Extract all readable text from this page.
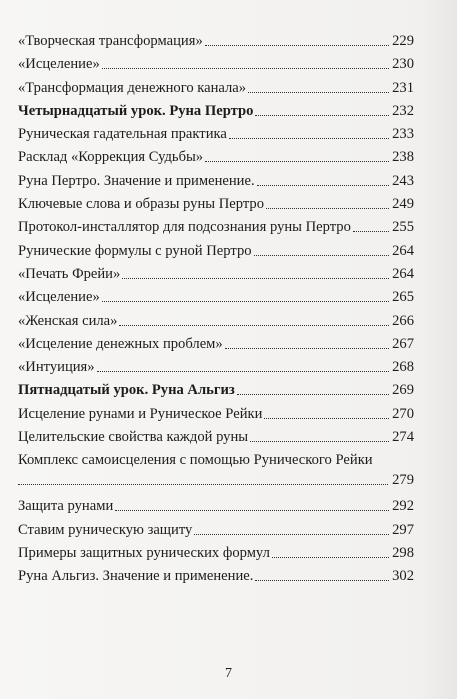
«Творческая трансформация»	229
«Исцеление»	230
«Трансформация денежного канала»	231
Четырнадцатый урок. Руна Пертро	232
Руническая гадательная практика	233
Расклад «Коррекция Судьбы»	238
Руна Пертро. Значение и применение.	243
Ключевые слова и образы руны Пертро	249
Протокол-инсталлятор для подсознания руны Пертро	255
Рунические формулы с руной Пертро	264
«Печать Фрейи»	264
«Исцеление»	265
«Женская сила»	266
«Исцеление денежных проблем»	267
«Интуиция»	268
Пятнадцатый урок. Руна Альгиз	269
Исцеление рунами и Руническое Рейки	270
Целительские свойства каждой руны	274
Комплекс самоисцеления с помощью Рунического Рейки
279
Защита рунами	292
Ставим руническую защиту	297
Примеры защитных рунических формул	298
Руна Альгиз. Значение и применение.	302
7
